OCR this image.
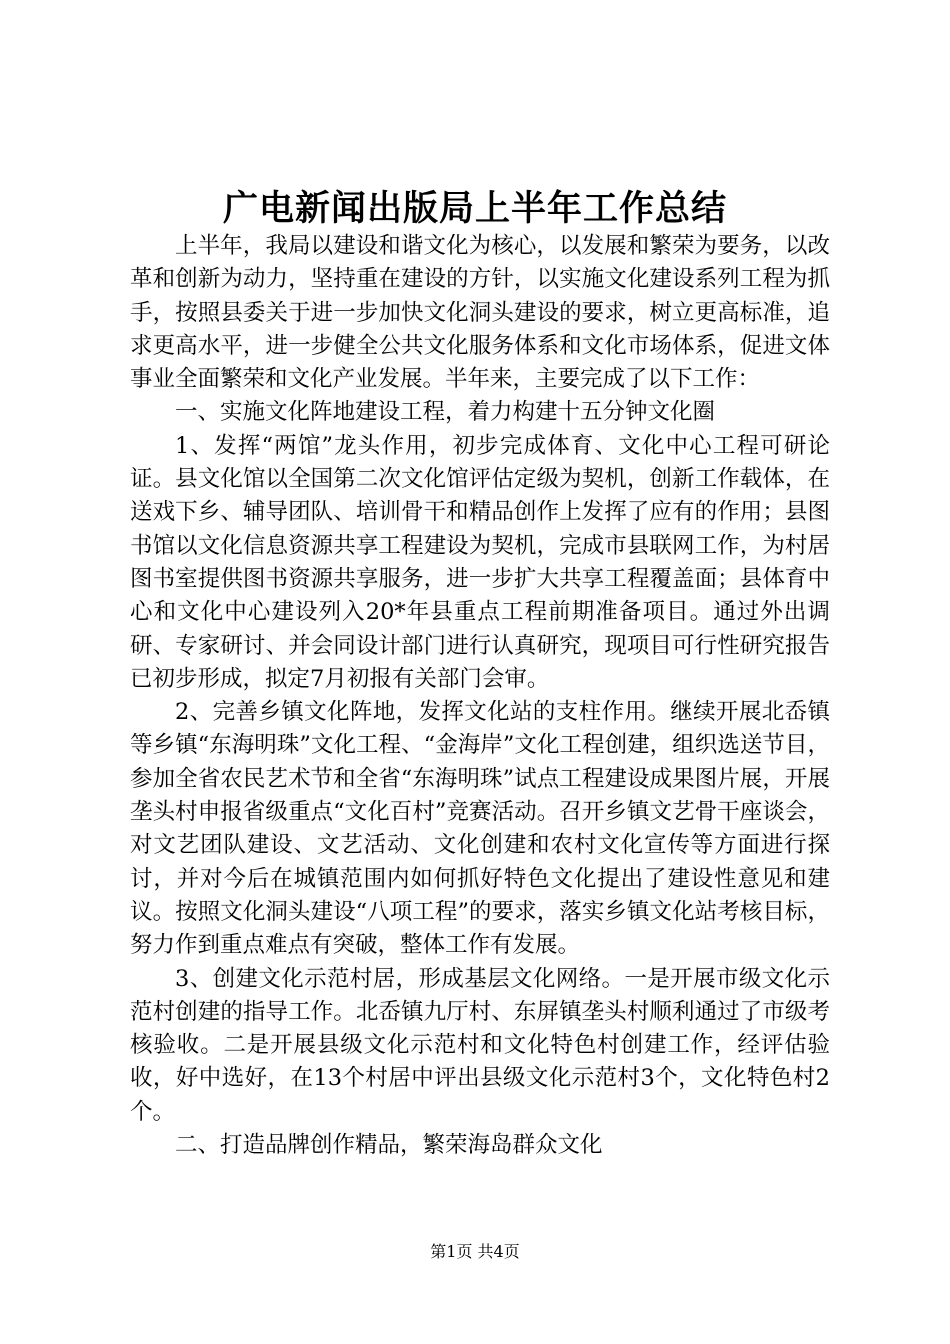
广电新闻出版局上半年工作总结

上半年，我局以建设和谐文化为核心，以发展和繁荣为要务，以改革和创新为动力，坚持重在建设的方针，以实施文化建设系列工程为抓手，按照县委关于进一步加快文化洞头建设的要求，树立更高标准，追求更高水平，进一步健全公共文化服务体系和文化市场体系，促进文体事业全面繁荣和文化产业发展。半年来，主要完成了以下工作：

一、实施文化阵地建设工程，着力构建十五分钟文化圈

1、发挥“两馆”龙头作用，初步完成体育、文化中心工程可研论证。县文化馆以全国第二次文化馆评估定级为契机，创新工作载体，在送戏下乡、辅导团队、培训骨干和精品创作上发挥了应有的作用；县图书馆以文化信息资源共享工程建设为契机，完成市县联网工作，为村居图书室提供图书资源共享服务，进一步扩大共享工程覆盖面；县体育中心和文化中心建设列入20*年县重点工程前期准备项目。通过外出调研、专家研讨、并会同设计部门进行认真研究，现项目可行性研究报告已初步形成，拟定7月初报有关部门会审。

2、完善乡镇文化阵地，发挥文化站的支柱作用。继续开展北岙镇等乡镇“东海明珠”文化工程、“金海岸”文化工程创建，组织选送节目，参加全省农民艺术节和全省“东海明珠”试点工程建设成果图片展，开展垄头村申报省级重点“文化百村”竞赛活动。召开乡镇文艺骨干座谈会，对文艺团队建设、文艺活动、文化创建和农村文化宣传等方面进行探讨，并对今后在城镇范围内如何抓好特色文化提出了建设性意见和建议。按照文化洞头建设“八项工程”的要求，落实乡镇文化站考核目标，努力作到重点难点有突破，整体工作有发展。

3、创建文化示范村居，形成基层文化网络。一是开展市级文化示范村创建的指导工作。北岙镇九厅村、东屏镇垄头村顺利通过了市级考核验收。二是开展县级文化示范村和文化特色村创建工作，经评估验收，好中选好，在13个村居中评出县级文化示范村3个，文化特色村2个。

二、打造品牌创作精品，繁荣海岛群众文化

第1页 共4页
